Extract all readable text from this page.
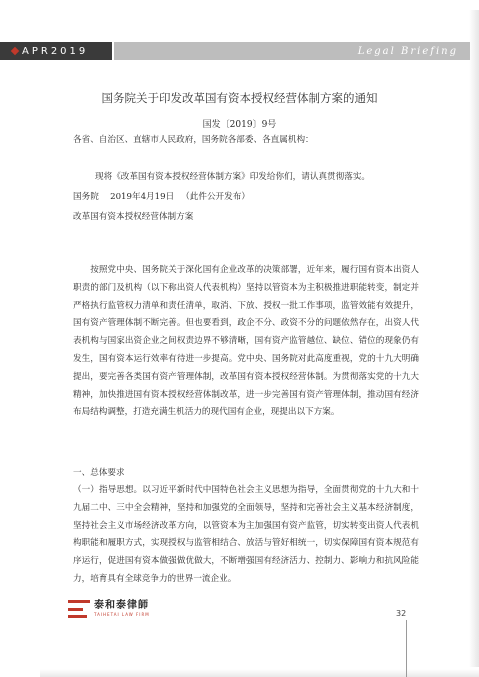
APR2019	Legal Briefing
国务院关于印发改革国有资本授权经营体制方案的通知
国发〔2019〕9号
各省、自治区、直辖市人民政府，国务院各部委、各直属机构：
现将《改革国有资本授权经营体制方案》印发给你们，请认真贯彻落实。
国务院　 2019年4月19日 　（此件公开发布）
改革国有资本授权经营体制方案

按照党中央、国务院关于深化国有企业改革的决策部署，近年来，履行国有资本出资人职责的部门及机构（以下称出资人代表机构）坚持以管资本为主积极推进职能转变，制定并严格执行监管权力清单和责任清单，取消、下放、授权一批工作事项，监管效能有效提升，国有资产管理体制不断完善。但也要看到，政企不分、政资不分的问题依然存在，出资人代表机构与国家出资企业之间权责边界不够清晰，国有资产监管越位、缺位、错位的现象仍有发生，国有资本运行效率有待进一步提高。党中央、国务院对此高度重视，党的十九大明确提出，要完善各类国有资产管理体制，改革国有资本授权经营体制。为贯彻落实党的十九大精神，加快推进国有资本授权经营体制改革，进一步完善国有资产管理体制，推动国有经济布局结构调整，打造充满生机活力的现代国有企业，现提出以下方案。

一、总体要求

（一）指导思想。以习近平新时代中国特色社会主义思想为指导，全面贯彻党的十九大和十九届二中、三中全会精神，坚持和加强党的全面领导，坚持和完善社会主义基本经济制度，坚持社会主义市场经济改革方向，以管资本为主加强国有资产监管，切实转变出资人代表机构职能和履职方式，实现授权与监管相结合、放活与管好相统一，切实保障国有资本规范有序运行，促进国有资本做强做优做大，不断增强国有经济活力、控制力、影响力和抗风险能力，培育具有全球竞争力的世界一流企业。

泰和泰律師
TAIHETAI LAW FIRM	32
